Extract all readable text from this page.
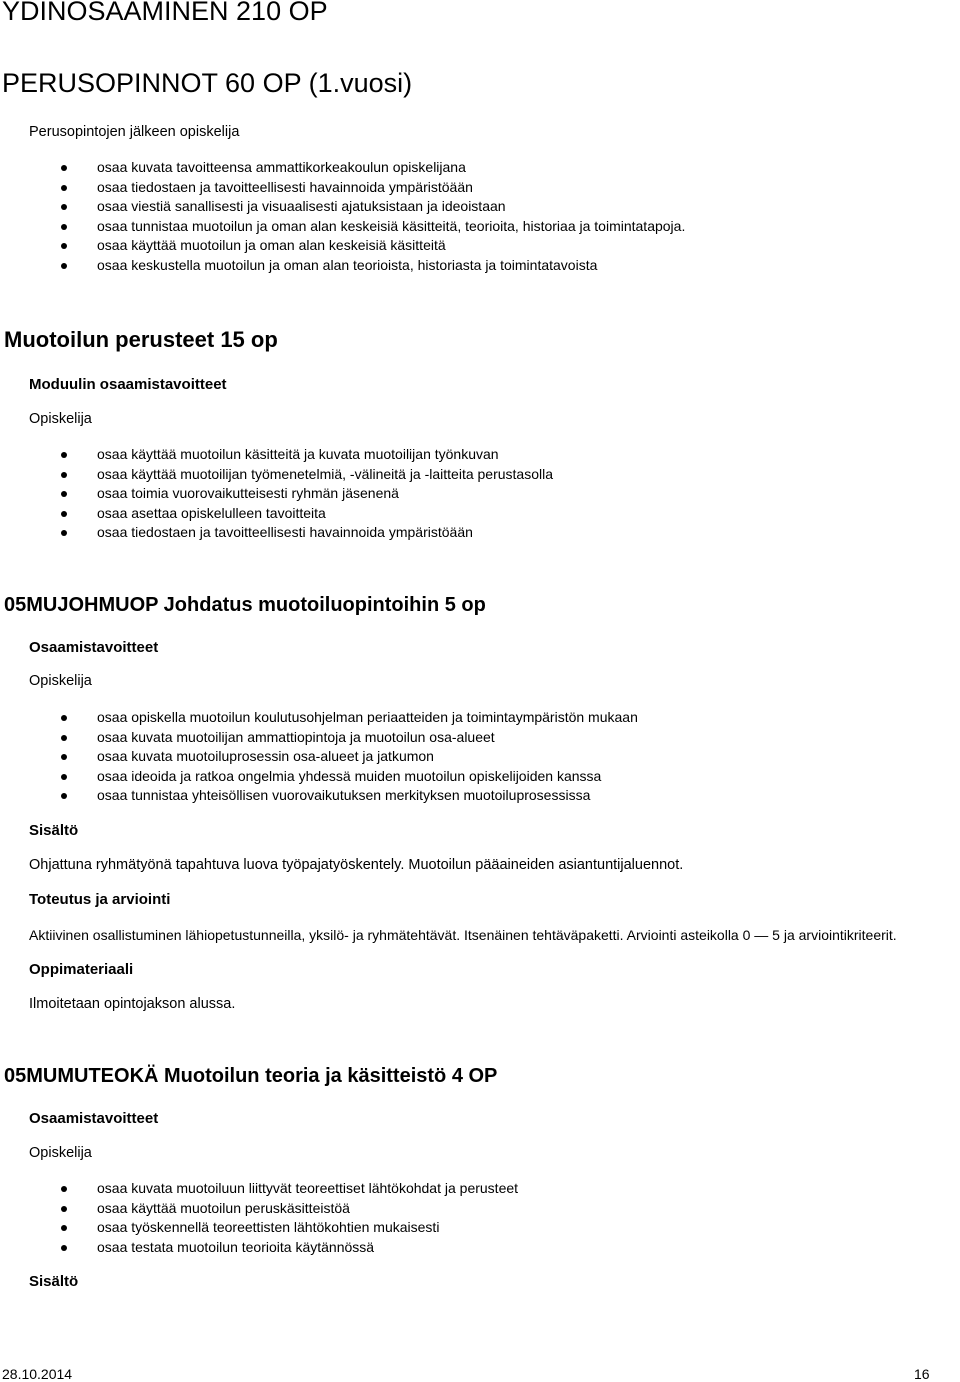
YDINOSAAMINEN 210 OP
PERUSOPINNOT 60 OP (1.vuosi)
Perusopintojen jälkeen opiskelija
osaa kuvata tavoitteensa ammattikorkeakoulun opiskelijana
osaa tiedostaen ja tavoitteellisesti havainnoida ympäristöään
osaa viestiä sanallisesti ja visuaalisesti ajatuksistaan ja ideoistaan
osaa tunnistaa muotoilun ja oman alan keskeisiä käsitteitä, teorioita, historiaa ja toimintatapoja.
osaa käyttää muotoilun ja oman alan keskeisiä käsitteitä
osaa keskustella muotoilun ja oman alan teorioista, historiasta ja toimintatavoista
Muotoilun perusteet 15 op
Moduulin osaamistavoitteet
Opiskelija
osaa käyttää muotoilun käsitteitä ja kuvata muotoilijan työnkuvan
osaa käyttää muotoilijan työmenetelmiä, -välineitä ja -laitteita perustasolla
osaa toimia vuorovaikutteisesti ryhmän jäsenenä
osaa asettaa opiskelulleen tavoitteita
osaa tiedostaen ja tavoitteellisesti havainnoida ympäristöään
05MUJOHMUOP Johdatus muotoiluopintoihin 5 op
Osaamistavoitteet
Opiskelija
osaa opiskella muotoilun koulutusohjelman periaatteiden ja toimintaympäristön mukaan
osaa kuvata muotoilijan ammattiopintoja ja muotoilun osa-alueet
osaa kuvata muotoiluprosessin osa-alueet ja jatkumon
osaa ideoida ja ratkoa ongelmia yhdessä muiden muotoilun opiskelijoiden kanssa
osaa tunnistaa yhteisöllisen vuorovaikutuksen merkityksen muotoiluprosessissa
Sisältö
Ohjattuna ryhmätyönä tapahtuva luova työpajatyöskentely. Muotoilun pääaineiden asiantuntijaluennot.
Toteutus ja arviointi
Aktiivinen osallistuminen lähiopetustunneilla, yksilö- ja ryhmätehtävät. Itsenäinen tehtäväpaketti. Arviointi asteikolla 0 — 5 ja arviointikriteerit.
Oppimateriaali
Ilmoitetaan opintojakson alussa.
05MUMUTEOKÄ Muotoilun teoria ja käsitteistö 4 OP
Osaamistavoitteet
Opiskelija
osaa kuvata muotoiluun liittyvät teoreettiset lähtökohdat ja perusteet
osaa käyttää muotoilun peruskäsitteistöä
osaa työskennellä teoreettisten lähtökohtien mukaisesti
osaa testata muotoilun teorioita käytännössä
Sisältö
28.10.2014	16
